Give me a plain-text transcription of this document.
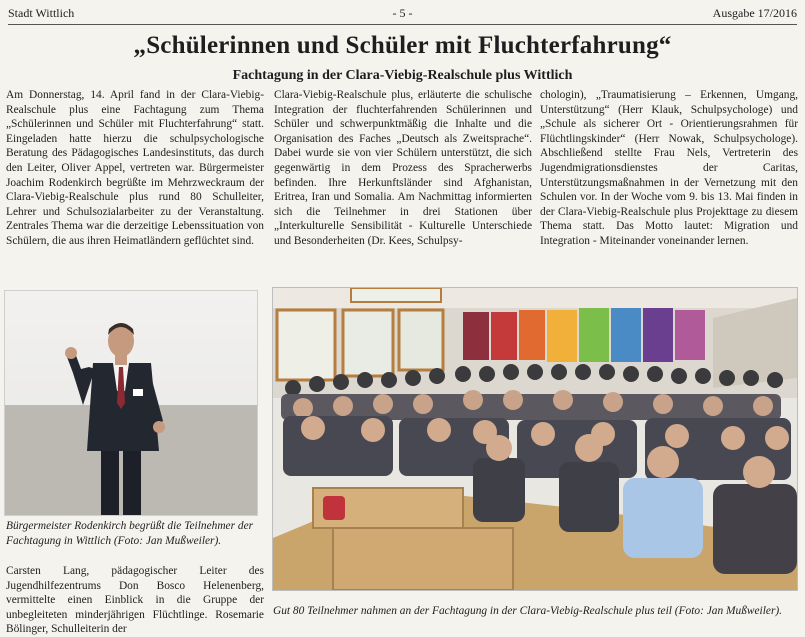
Stadt Wittlich	- 5 -	Ausgabe 17/2016
„Schülerinnen und Schüler mit Fluchterfahrung“
Fachtagung in der Clara-Viebig-Realschule plus Wittlich
Am Donnerstag, 14. April fand in der Clara-Viebig-Realschule plus eine Fachtagung zum Thema „Schülerinnen und Schüler mit Fluchterfahrung“ statt. Eingeladen hatte hierzu die schulpsychologische Beratung des Pädagogisches Landesinstituts, das durch den Leiter, Oliver Appel, vertreten war. Bürgermeister Joachim Rodenkirch begrüßte im Mehrzweckraum der Clara-Viebig-Realschule plus rund 80 Schulleiter, Lehrer und Schulsozialarbeiter zu der Veranstaltung. Zentrales Thema war die derzeitige Lebenssituation von Schülern, die aus ihren Heimatländern geflüchtet sind.
Clara-Viebig-Realschule plus, erläuterte die schulische Integration der fluchterfahrenden Schülerinnen und Schüler und schwerpunktmäßig die Inhalte und die Organisation des Faches „Deutsch als Zweitsprache“. Dabei wurde sie von vier Schülern unterstützt, die sich gegenwärtig in dem Prozess des Spracherwerbs befinden. Ihre Herkunftsländer sind Afghanistan, Eritrea, Iran und Somalia. Am Nachmittag informierten sich die Teilnehmer in drei Stationen über „Interkulturelle Sensibilität - Kulturelle Unterschiede und Besonderheiten (Dr. Kees, Schulpsy-
chologin), „Traumatisierung – Erkennen, Umgang, Unterstützung“ (Herr Klauk, Schulpsychologe) und „Schule als sicherer Ort - Orientierungsrahmen für Flüchtlingskinder“ (Herr Nowak, Schulpsychologe). Abschließend stellte Frau Nels, Vertreterin des Jugendmigrationsdienstes der Caritas, Unterstützungsmaßnahmen in der Vernetzung mit den Schulen vor. In der Woche vom 9. bis 13. Mai finden in der Clara-Viebig-Realschule plus Projekttage zu diesem Thema statt. Das Motto lautet: Migration und Integration - Miteinander voneinander lernen.
Bürgermeister Rodenkirch begrüßt die Teilnehmer der Fachtagung in Wittlich (Foto: Jan Mußweiler).
Carsten Lang, pädagogischer Leiter des Jugendhilfezentrums Don Bosco Helenenberg, vermittelte einen Einblick in die Gruppe der unbegleiteten minderjährigen Flüchtlinge. Rosemarie Bölinger, Schulleiterin der
Gut 80 Teilnehmer nahmen an der Fachtagung in der Clara-Viebig-Realschule plus teil (Foto: Jan Mußweiler).
